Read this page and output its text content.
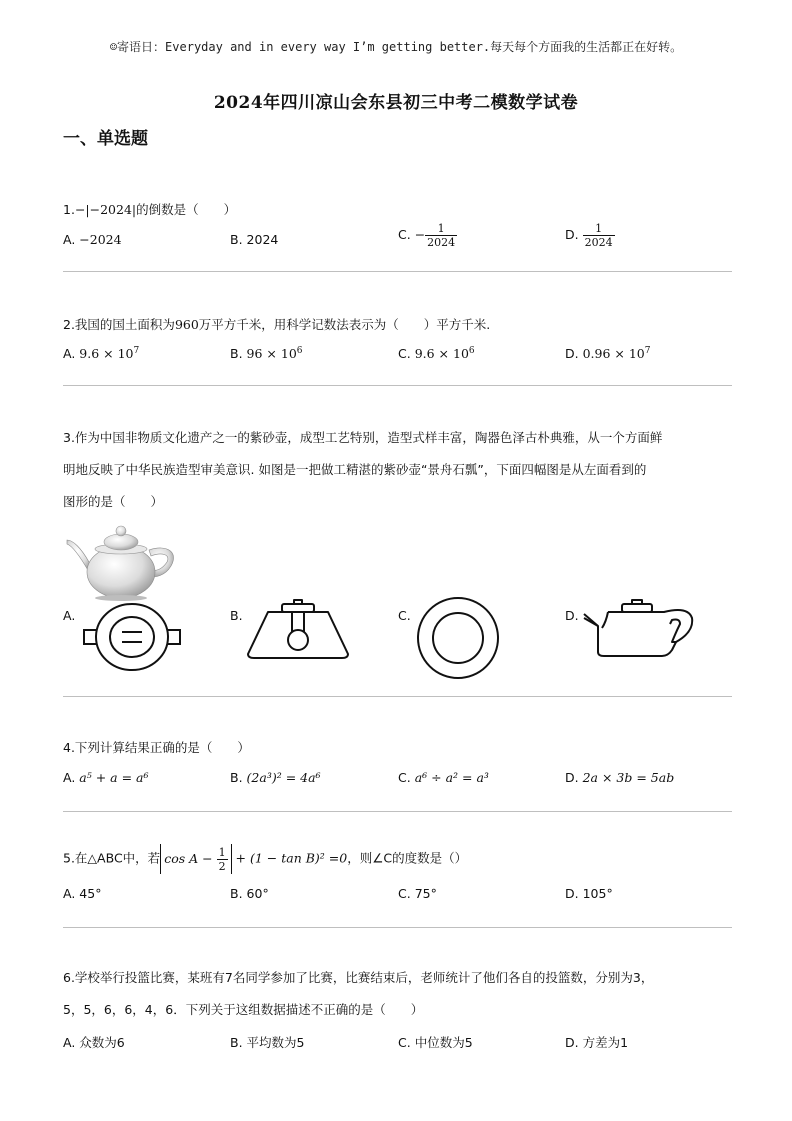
☺寄语日：Everyday and in every way I’m getting better.每天每个方面我的生活都正在好转。
2024年四川凉山会东县初三中考二模数学试卷
一、单选题
1.−|−2024|的倒数是（　　）
A. −2024	B. 2024	C. − $\frac{1}{2024}$	D. $\frac{1}{2024}$
2.我国的国土面积为960万平方千米，用科学记数法表示为（　　）平方千米.
A. $9.6 \times 10^7$	B. $96 \times 10^6$	C. $9.6 \times 10^6$	D. $0.96 \times 10^7$
3.作为中国非物质文化遗产之一的紫砂壶，成型工艺特别，造型式样丰富，陶器色泽古朴典雅，从一个方面鲜
明地反映了中华民族造型审美意识. 如图是一把做工精湛的紫砂壶“景舟石瓢”，下面四幅图是从左面看到的
图形的是（　　）
A.	B.	C.	D.
4.下列计算结果正确的是（　　）
A. a⁵ + a = a⁶	B. (2a³)² = 4a⁶	C. a⁶ ÷ a² = a³	D. 2a × 3b = 5ab
5.在△ABC中，若 $\cos A - \frac{1}{2} + (1 - \tan B)^2 =0$，则∠C的度数是（）
A. 45°	B. 60°	C. 75°	D. 105°
6.学校举行投篮比赛，某班有7名同学参加了比赛，比赛结束后，老师统计了他们各自的投篮数，分别为3，
5，5，6，6，4，6．下列关于这组数据描述不正确的是（　　）
A. 众数为6	B. 平均数为5	C. 中位数为5	D. 方差为1
